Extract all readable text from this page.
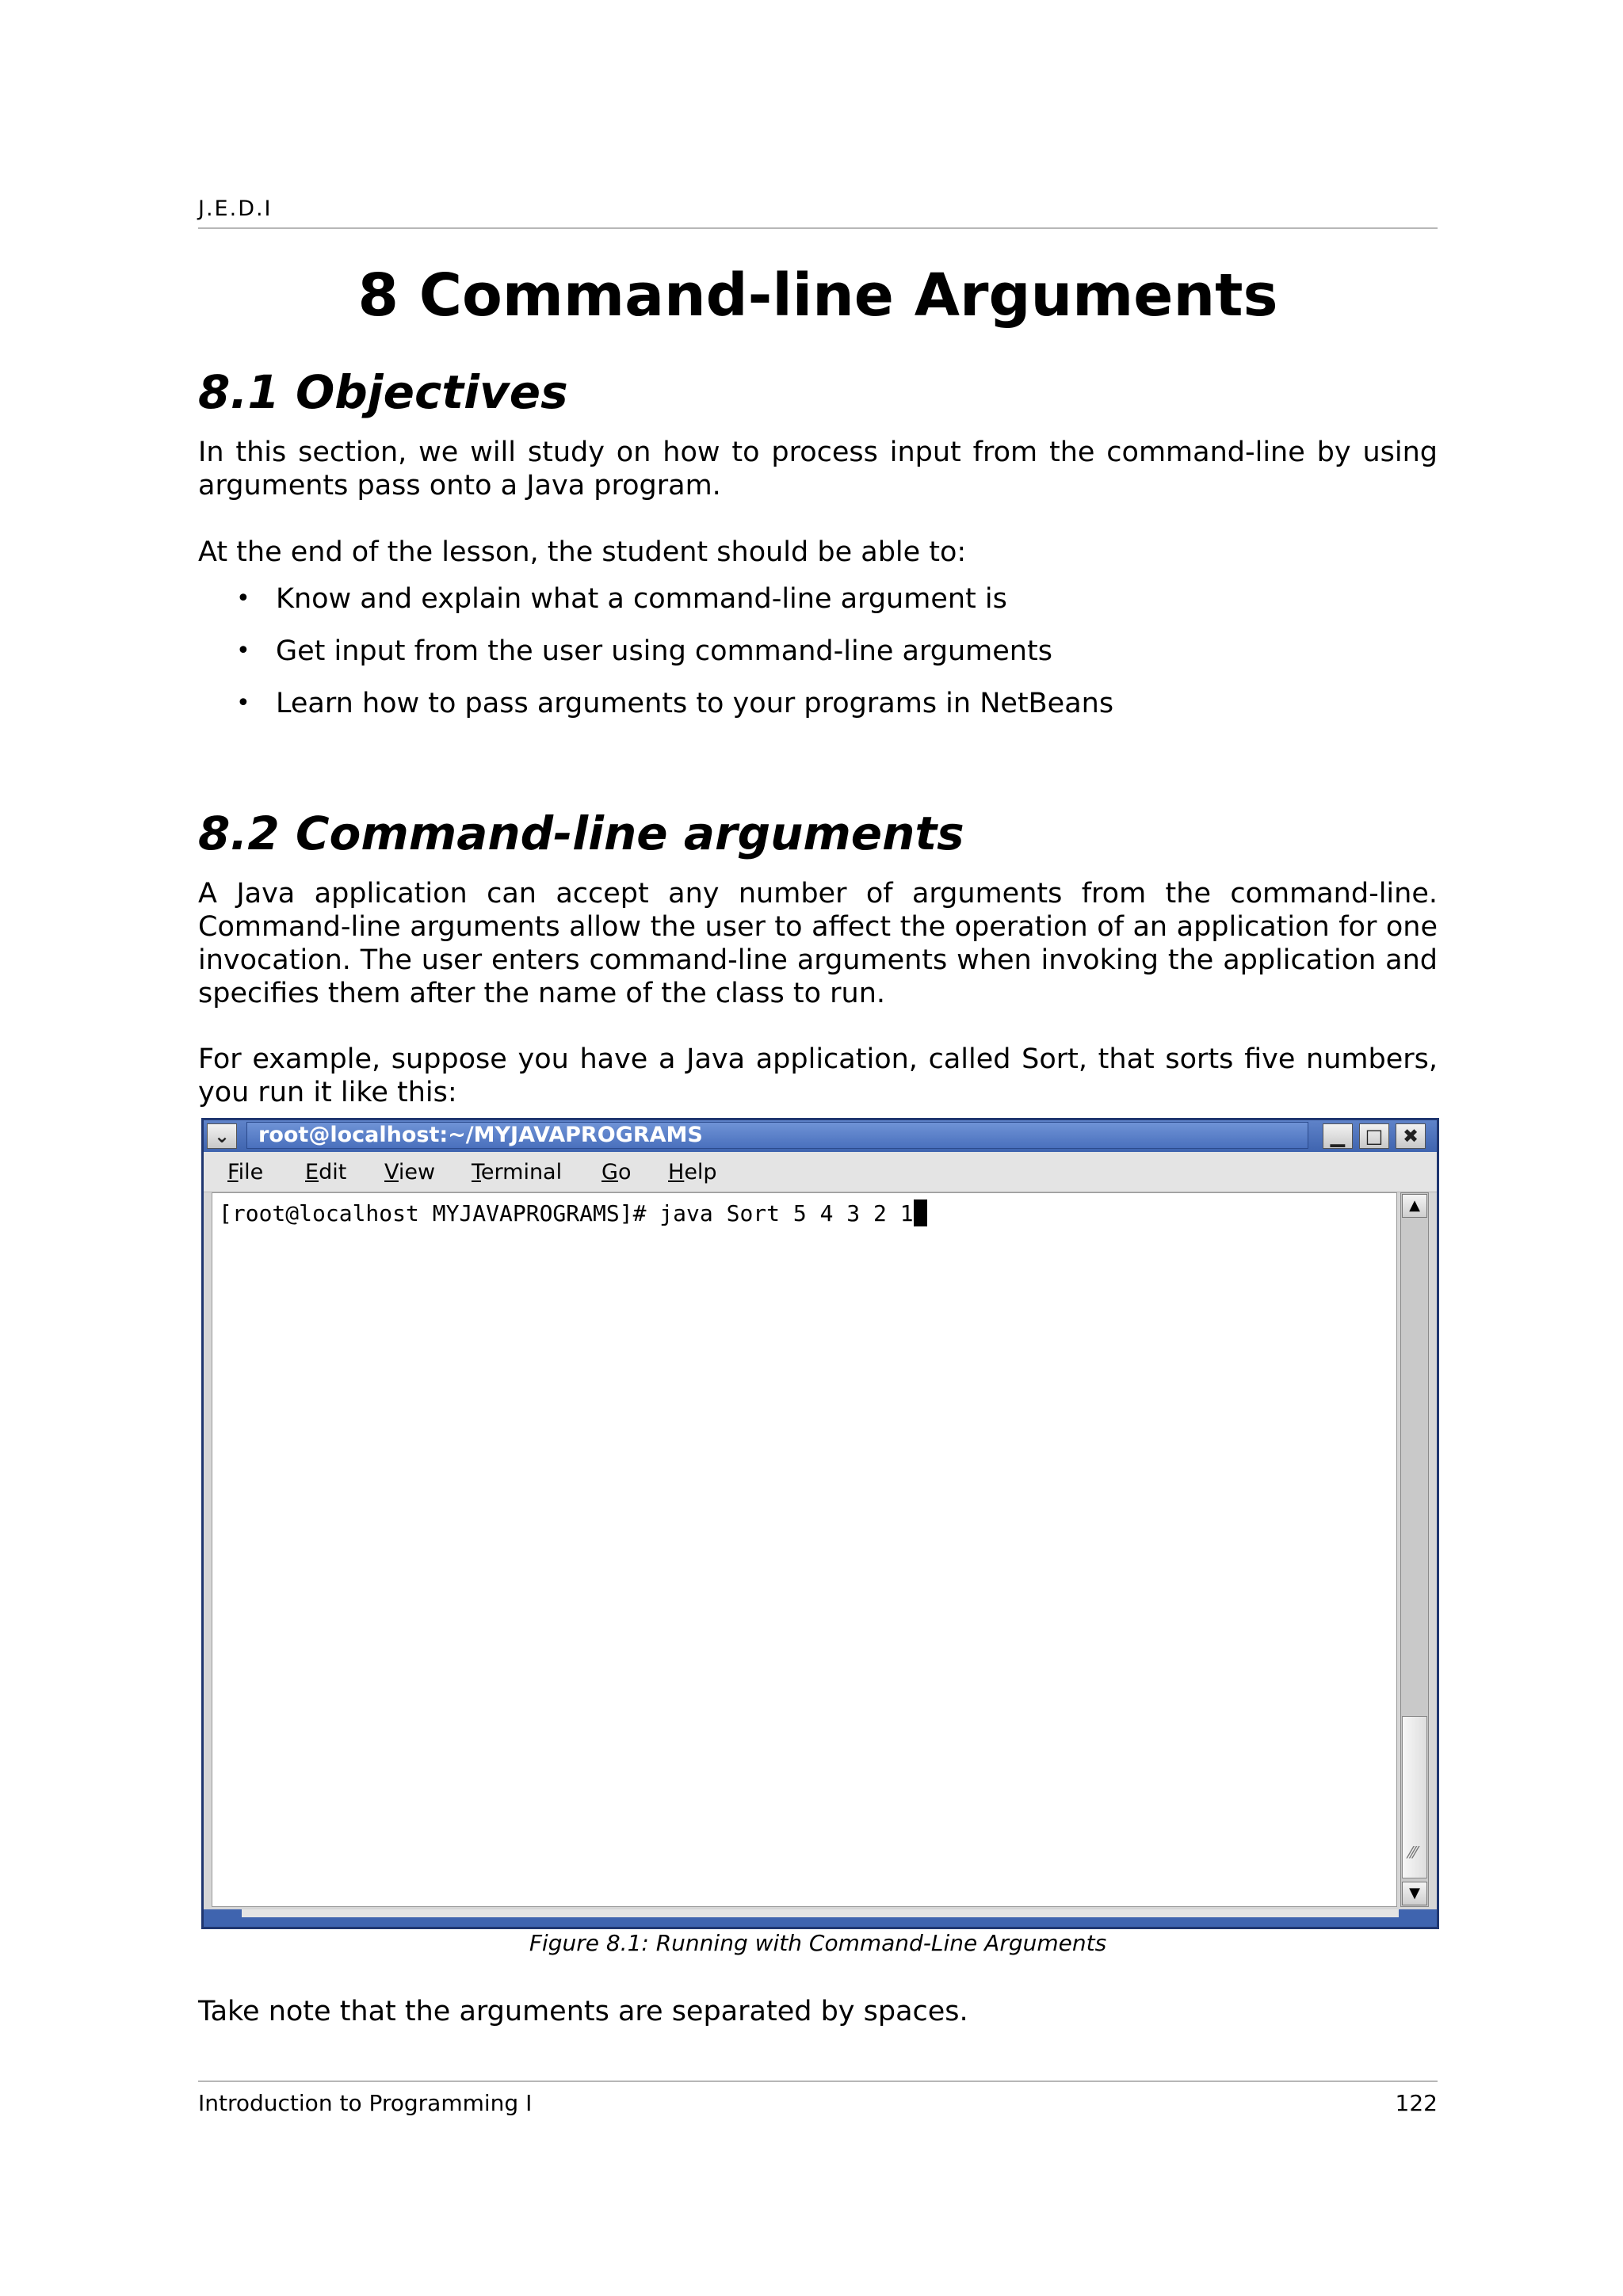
J.E.D.I
8 Command-line Arguments
8.1 Objectives

In this section, we will study on how to process input from the command-line by using arguments pass onto a Java program.

At the end of the lesson, the student should be able to:

• Know and explain what a command-line argument is
• Get input from the user using command-line arguments
• Learn how to pass arguments to your programs in NetBeans
8.2 Command-line arguments

A Java application can accept any number of arguments from the command-line. Command-line arguments allow the user to affect the operation of an application for one invocation. The user enters command-line arguments when invoking the application and specifies them after the name of the class to run.

For example, suppose you have a Java application, called Sort, that sorts five numbers, you run it like this:

⌄	root@localhost:~/MYJAVAPROGRAMS	▁	□	✖
File Edit View Terminal Go Help
[root@localhost MYJAVAPROGRAMS]# java Sort 5 4 3 2 1	▲
⁄⁄⁄
▼
Figure 8.1: Running with Command-Line Arguments

Take note that the arguments are separated by spaces.

Introduction to Programming I	122
